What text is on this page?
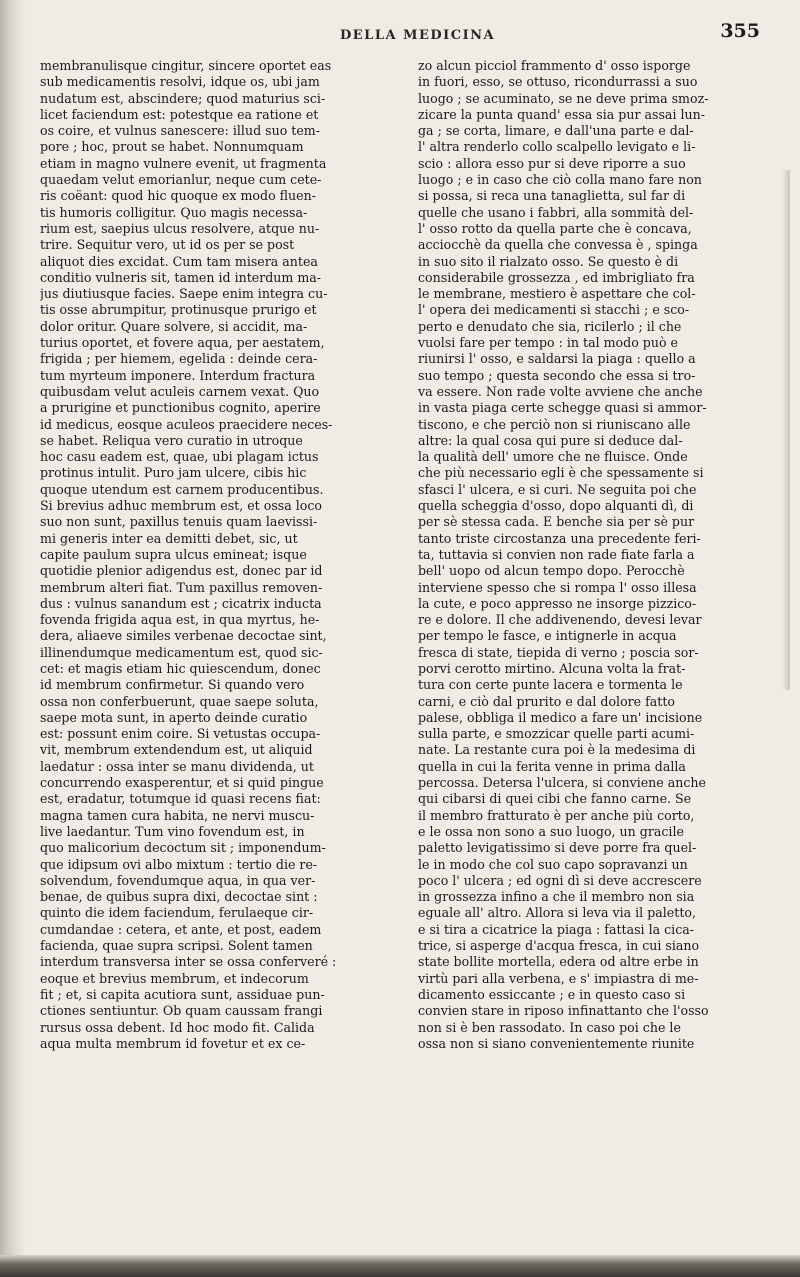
DELLA MEDICINA	355
membranulisque cingitur, sincere oportet eas
sub medicamentis resolvi, idque os, ubi jam
nudatum est, abscindere; quod maturius sci-
licet faciendum est: potestque ea ratione et
os coire, et vulnus sanescere: illud suo tem-
pore ; hoc, prout se habet. Nonnumquam
etiam in magno vulnere evenit, ut fragmenta
quaedam velut emorianlur, neque cum cete-
ris coëant: quod hic quoque ex modo fluen-
tis humoris colligitur. Quo magis necessa-
rium est, saepius ulcus resolvere, atque nu-
trire. Sequitur vero, ut id os per se post
aliquot dies excidat. Cum tam misera antea
conditio vulneris sit, tamen id interdum ma-
jus diutiusque facies. Saepe enim integra cu-
tis osse abrumpitur, protinusque prurigo et
dolor oritur. Quare solvere, si accidit, ma-
turius oportet, et fovere aqua, per aestatem,
frigida ; per hiemem, egelida : deinde cera-
tum myrteum imponere. Interdum fractura
quibusdam velut aculeis carnem vexat. Quo
a prurigine et punctionibus cognito, aperire
id medicus, eosque aculeos praecidere neces-
se habet. Reliqua vero curatio in utroque
hoc casu eadem est, quae, ubi plagam ictus
protinus intulit. Puro jam ulcere, cibis hic
quoque utendum est carnem producentibus.
Si brevius adhuc membrum est, et ossa loco
suo non sunt, paxillus tenuis quam laevissi-
mi generis inter ea demitti debet, sic, ut
capite paulum supra ulcus emineat; isque
quotidie plenior adigendus est, donec par id
membrum alteri fiat. Tum paxillus removen-
dus : vulnus sanandum est ; cicatrix inducta
fovenda frigida aqua est, in qua myrtus, he-
dera, aliaeve similes verbenae decoctae sint,
illinendumque medicamentum est, quod sic-
cet: et magis etiam hic quiescendum, donec
id membrum confirmetur. Si quando vero
ossa non conferbuerunt, quae saepe soluta,
saepe mota sunt, in aperto deinde curatio
est: possunt enim coire. Si vetustas occupa-
vit, membrum extendendum est, ut aliquid
laedatur : ossa inter se manu dividenda, ut
concurrendo exasperentur, et si quid pingue
est, eradatur, totumque id quasi recens fiat:
magna tamen cura habita, ne nervi muscu-
live laedantur. Tum vino fovendum est, in
quo malicorium decoctum sit ; imponendum-
que idipsum ovi albo mixtum : tertio die re-
solvendum, fovendumque aqua, in qua ver-
benae, de quibus supra dixi, decoctae sint :
quinto die idem faciendum, ferulaeque cir-
cumdandae : cetera, et ante, et post, eadem
facienda, quae supra scripsi. Solent tamen
interdum transversa inter se ossa conferveré :
eoque et brevius membrum, et indecorum
fit ; et, si capita acutiora sunt, assiduae pun-
ctiones sentiuntur. Ob quam caussam frangi
rursus ossa debent. Id hoc modo fit. Calida
aqua multa membrum id fovetur et ex ce-
zo alcun picciol frammento d' osso isporge
in fuori, esso, se ottuso, ricondurrassi a suo
luogo ; se acuminato, se ne deve prima smoz-
zicare la punta quand' essa sia pur assai lun-
ga ; se corta, limare, e dall'una parte e dal-
l' altra renderlo collo scalpello levigato e li-
scio : allora esso pur si deve riporre a suo
luogo ; e in caso che ciò colla mano fare non
si possa, si reca una tanaglietta, sul far di
quelle che usano i fabbri, alla sommità del-
l' osso rotto da quella parte che è concava,
acciocchè da quella che convessa è , spinga
in suo sito il rialzato osso. Se questo è di
considerabile grossezza , ed imbrigliato fra
le membrane, mestiero è aspettare che col-
l' opera dei medicamenti si stacchi ; e sco-
perto e denudato che sia, ricilerlo ; il che
vuolsi fare per tempo : in tal modo può e
riunirsi l' osso, e saldarsi la piaga : quello a
suo tempo ; questa secondo che essa si tro-
va essere. Non rade volte avviene che anche
in vasta piaga certe schegge quasi si ammor-
tiscono, e che perciò non si riuniscano alle
altre: la qual cosa qui pure si deduce dal-
la qualità dell' umore che ne fluisce. Onde
che più necessario egli è che spessamente si
sfasci l' ulcera, e si curi. Ne seguita poi che
quella scheggia d'osso, dopo alquanti dì, di
per sè stessa cada. E benche sia per sè pur
tanto triste circostanza una precedente feri-
ta, tuttavia si convien non rade fiate farla a
bell' uopo od alcun tempo dopo. Perocchè
interviene spesso che si rompa l' osso illesa
la cute, e poco appresso ne insorge pizzico-
re e dolore. Il che addivenendo, devesi levar
per tempo le fasce, e intignerle in acqua
fresca di state, tiepida di verno ; poscia sor-
porvi cerotto mirtino. Alcuna volta la frat-
tura con certe punte lacera e tormenta le
carni, e ciò dal prurito e dal dolore fatto
palese, obbliga il medico a fare un' incisione
sulla parte, e smozzicar quelle parti acumi-
nate. La restante cura poi è la medesima di
quella in cui la ferita venne in prima dalla
percossa. Detersa l'ulcera, si conviene anche
qui cibarsi di quei cibi che fanno carne. Se
il membro fratturato è per anche più corto,
e le ossa non sono a suo luogo, un gracile
paletto levigatissimo si deve porre fra quel-
le in modo che col suo capo sopravanzi un
poco l' ulcera ; ed ogni dì si deve accrescere
in grossezza infino a che il membro non sia
eguale all' altro. Allora si leva via il paletto,
e si tira a cicatrice la piaga : fattasi la cica-
trice, si asperge d'acqua fresca, in cui siano
state bollite mortella, edera od altre erbe in
virtù pari alla verbena, e s' impiastra di me-
dicamento essiccante ; e in questo caso si
convien stare in riposo infinattanto che l'osso
non si è ben rassodato. In caso poi che le
ossa non si siano convenientemente riunite
